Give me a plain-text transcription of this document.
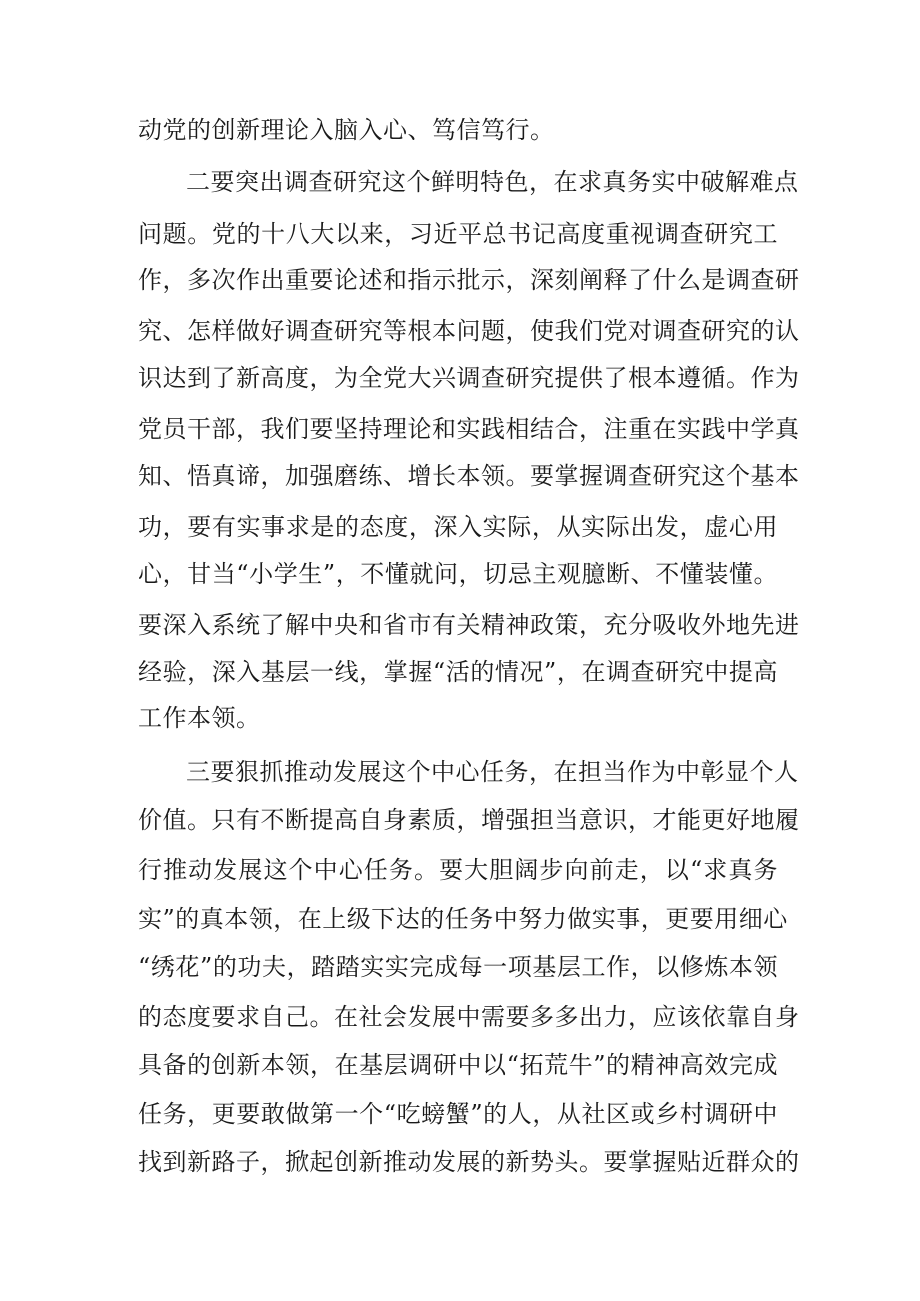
动党的创新理论入脑入心、笃信笃行。
二要突出调查研究这个鲜明特色，在求真务实中破解难点
问题。党的十八大以来，习近平总书记高度重视调查研究工
作，多次作出重要论述和指示批示，深刻阐释了什么是调查研
究、怎样做好调查研究等根本问题，使我们党对调查研究的认
识达到了新高度，为全党大兴调查研究提供了根本遵循。作为
党员干部，我们要坚持理论和实践相结合，注重在实践中学真
知、悟真谛，加强磨练、增长本领。要掌握调查研究这个基本
功，要有实事求是的态度，深入实际，从实际出发，虚心用
心，甘当“小学生”，不懂就问，切忌主观臆断、不懂装懂。
要深入系统了解中央和省市有关精神政策，充分吸收外地先进
经验，深入基层一线，掌握“活的情况”，在调查研究中提高
工作本领。
三要狠抓推动发展这个中心任务，在担当作为中彰显个人
价值。只有不断提高自身素质，增强担当意识，才能更好地履
行推动发展这个中心任务。要大胆阔步向前走，以“求真务
实”的真本领，在上级下达的任务中努力做实事，更要用细心
“绣花”的功夫，踏踏实实完成每一项基层工作，以修炼本领
的态度要求自己。在社会发展中需要多多出力，应该依靠自身
具备的创新本领，在基层调研中以“拓荒牛”的精神高效完成
任务，更要敢做第一个“吃螃蟹”的人，从社区或乡村调研中
找到新路子，掀起创新推动发展的新势头。要掌握贴近群众的
